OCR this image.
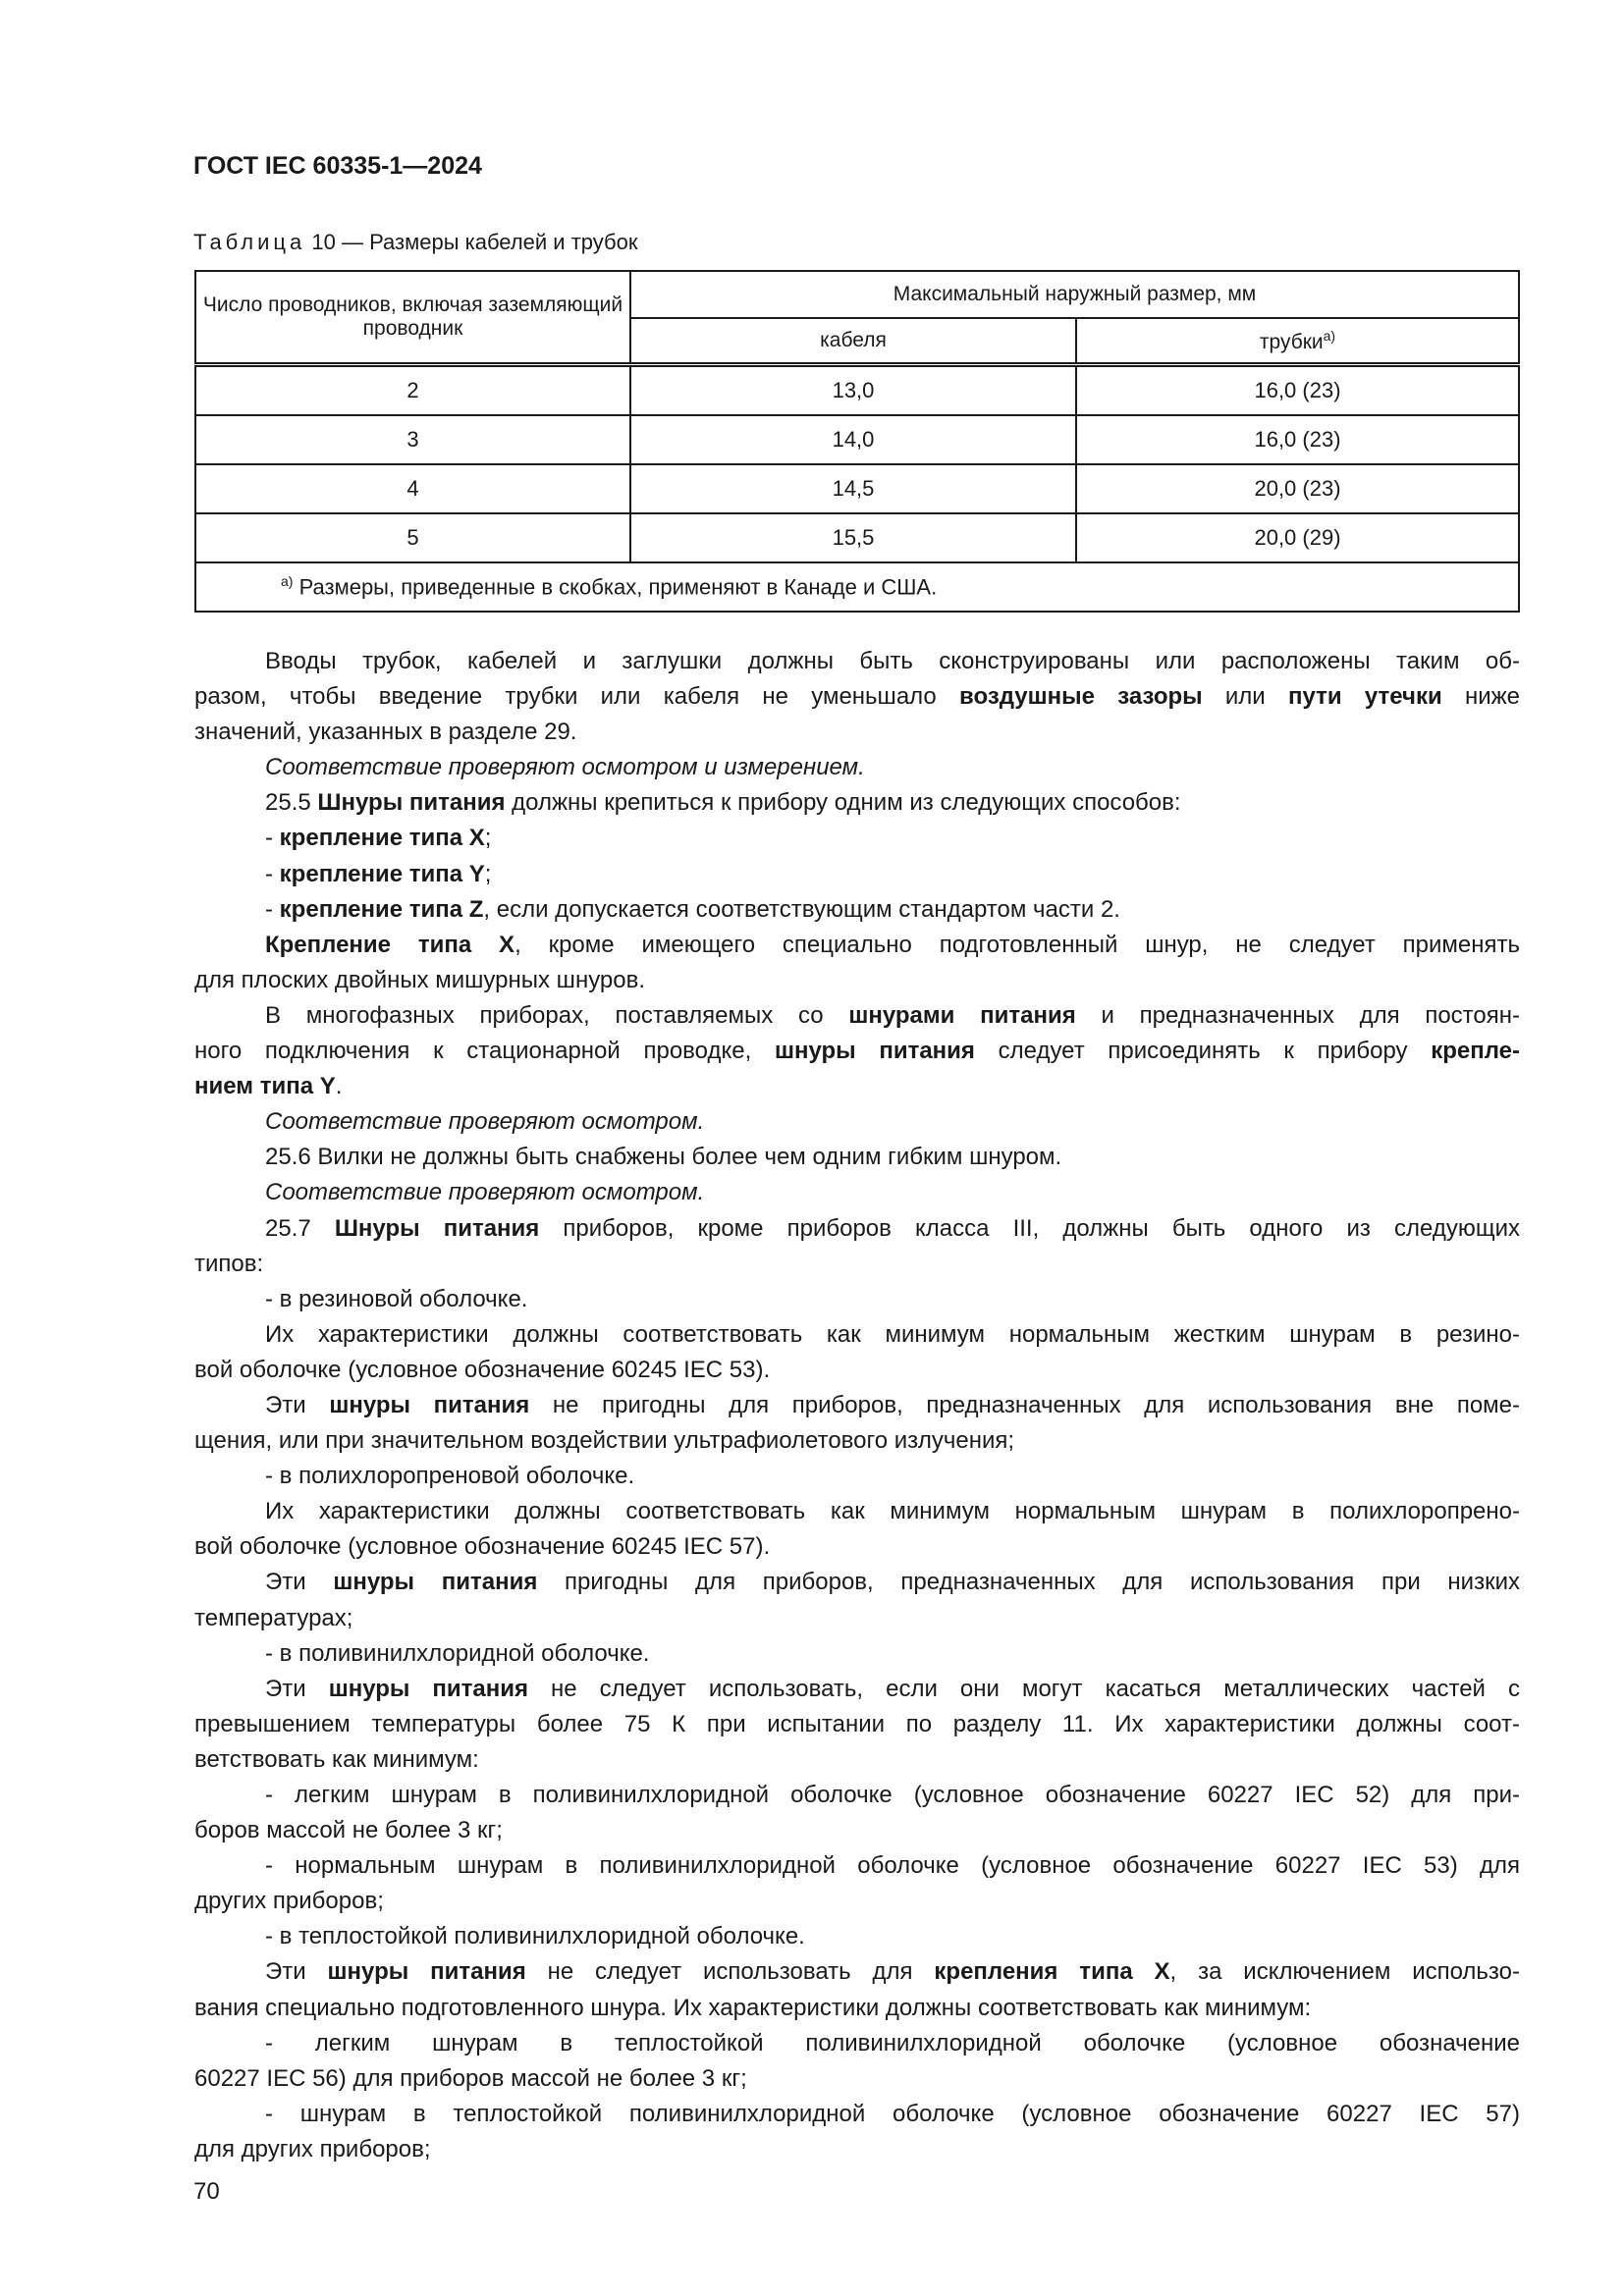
ГОСТ IEC 60335-1—2024
Таблица 10 — Размеры кабелей и трубок
Число проводников, включая заземляющий проводник	Максимальный наружный размер, мм	
	кабеля	трубки$^{a)}$
2	13,0	16,0 (23)
3	14,0	16,0 (23)
4	14,5	20,0 (23)
5	15,5	20,0 (29)
$^{a)}$ Размеры, приведенные в скобках, применяют в Канаде и США.		
Вводы трубок, кабелей и заглушки должны быть сконструированы или расположены таким об-
разом, чтобы введение трубки или кабеля не уменьшало воздушные зазоры или пути утечки ниже
значений, указанных в разделе 29.
Соответствие проверяют осмотром и измерением.
25.5 Шнуры питания должны крепиться к прибору одним из следующих способов:
- крепление типа X;
- крепление типа Y;
- крепление типа Z, если допускается соответствующим стандартом части 2.
Крепление типа X, кроме имеющего специально подготовленный шнур, не следует применять
для плоских двойных мишурных шнуров.
В многофазных приборах, поставляемых со шнурами питания и предназначенных для постоян-
ного подключения к стационарной проводке, шнуры питания следует присоединять к прибору крепле-
нием типа Y.
Соответствие проверяют осмотром.
25.6 Вилки не должны быть снабжены более чем одним гибким шнуром.
Соответствие проверяют осмотром.
25.7 Шнуры питания приборов, кроме приборов класса III, должны быть одного из следующих
типов:
- в резиновой оболочке.
Их характеристики должны соответствовать как минимум нормальным жестким шнурам в резино-
вой оболочке (условное обозначение 60245 IEC 53).
Эти шнуры питания не пригодны для приборов, предназначенных для использования вне поме-
щения, или при значительном воздействии ультрафиолетового излучения;
- в полихлоропреновой оболочке.
Их характеристики должны соответствовать как минимум нормальным шнурам в полихлоропрено-
вой оболочке (условное обозначение 60245 IEC 57).
Эти шнуры питания пригодны для приборов, предназначенных для использования при низких
температурах;
- в поливинилхлоридной оболочке.
Эти шнуры питания не следует использовать, если они могут касаться металлических частей с
превышением температуры более 75 К при испытании по разделу 11. Их характеристики должны соот-
ветствовать как минимум:
- легким шнурам в поливинилхлоридной оболочке (условное обозначение 60227 IEC 52) для при-
боров массой не более 3 кг;
- нормальным шнурам в поливинилхлоридной оболочке (условное обозначение 60227 IEC 53) для
других приборов;
- в теплостойкой поливинилхлоридной оболочке.
Эти шнуры питания не следует использовать для крепления типа X, за исключением использо-
вания специально подготовленного шнура. Их характеристики должны соответствовать как минимум:
- легким шнурам в теплостойкой поливинилхлоридной оболочке (условное обозначение
60227 IEC 56) для приборов массой не более 3 кг;
- шнурам в теплостойкой поливинилхлоридной оболочке (условное обозначение 60227 IEC 57)
для других приборов;
70
